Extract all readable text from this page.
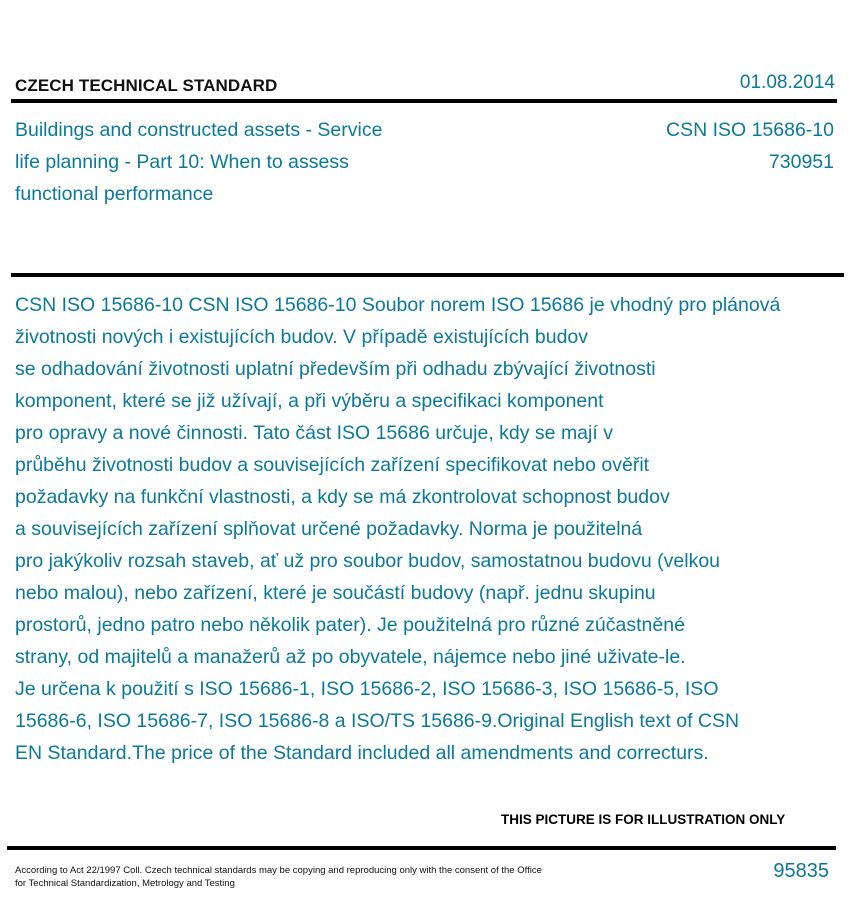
CZECH TECHNICAL STANDARD	01.08.2014
Buildings and constructed assets - Service
life planning - Part 10: When to assess
functional performance
CSN ISO 15686-10
730951
CSN ISO 15686-10 CSN ISO 15686-10 Soubor norem ISO 15686 je vhodný pro plánová
životnosti nových i existujících budov. V případě existujících budov
se odhadování životnosti uplatní především při odhadu zbývající životnosti
komponent, které se již užívají, a při výběru a specifikaci komponent
pro opravy a nové činnosti. Tato část ISO 15686 určuje, kdy se mají v
průběhu životnosti budov a souvisejících zařízení specifikovat nebo ověřit
požadavky na funkční vlastnosti, a kdy se má zkontrolovat schopnost budov
a souvisejících zařízení splňovat určené požadavky. Norma je použitelná
pro jakýkoliv rozsah staveb, ať už pro soubor budov, samostatnou budovu (velkou
nebo malou), nebo zařízení, které je součástí budovy (např. jednu skupinu
prostorů, jedno patro nebo několik pater). Je použitelná pro různé zúčastněné
strany, od majitelů a manažerů až po obyvatele, nájemce nebo jiné uživate-le.
Je určena k použití s ISO 15686-1, ISO 15686-2, ISO 15686-3, ISO 15686-5, ISO
15686-6, ISO 15686-7, ISO 15686-8 a ISO/TS 15686-9.Original English text of CSN
EN Standard.The price of the Standard included all amendments and correcturs.
THIS PICTURE IS FOR ILLUSTRATION ONLY
According to Act 22/1997 Coll. Czech technical standards may be copying and reproducing only with the consent of the Office
for Technical Standardization, Metrology and Testing
95835
